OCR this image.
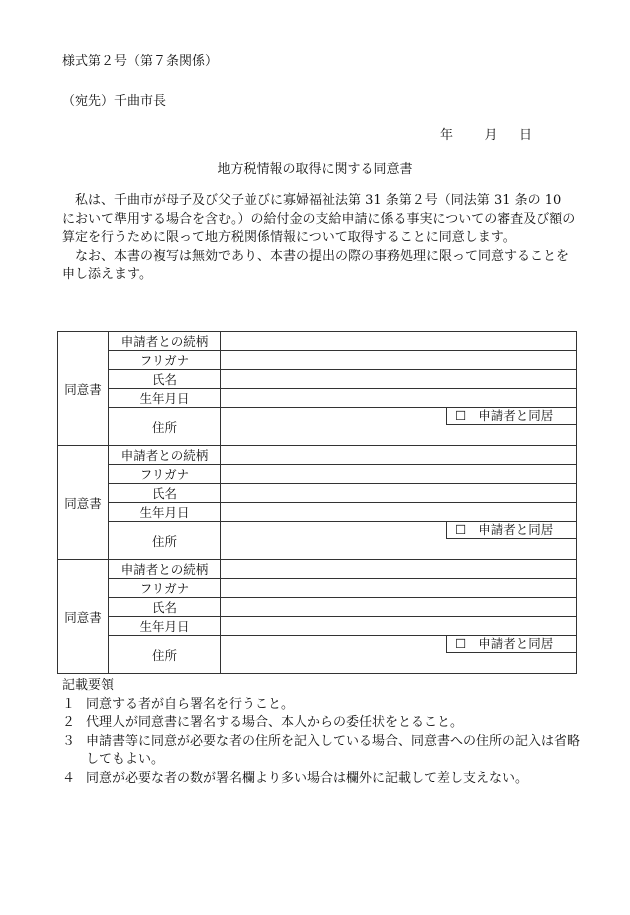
様式第２号（第７条関係）
（宛先）千曲市長
年 月 日
地方税情報の取得に関する同意書

私は、千曲市が母子及び父子並びに寡婦福祉法第 31 条第２号（同法第 31 条の 10 において準用する場合を含む。）の給付金の支給申請に係る事実についての審査及び額の算定を行うために限って地方税関係情報について取得することに同意します。

なお、本書の複写は無効であり、本書の提出の際の事務処理に限って同意することを申し添えます。

同意書	申請者との続柄	
	フリガナ	
	氏名	
	生年月日	
	住所	☐ 申請者と同居

同意書	申請者との続柄	
	フリガナ	
	氏名	
	生年月日	
	住所	☐ 申請者と同居

同意書	申請者との続柄	
	フリガナ	
	氏名	
	生年月日	
	住所	☐ 申請者と同居
記載要領
１ 同意する者が自ら署名を行うこと。
２ 代理人が同意書に署名する場合、本人からの委任状をとること。
３ 申請書等に同意が必要な者の住所を記入している場合、同意書への住所の記入は省略してもよい。
４ 同意が必要な者の数が署名欄より多い場合は欄外に記載して差し支えない。
